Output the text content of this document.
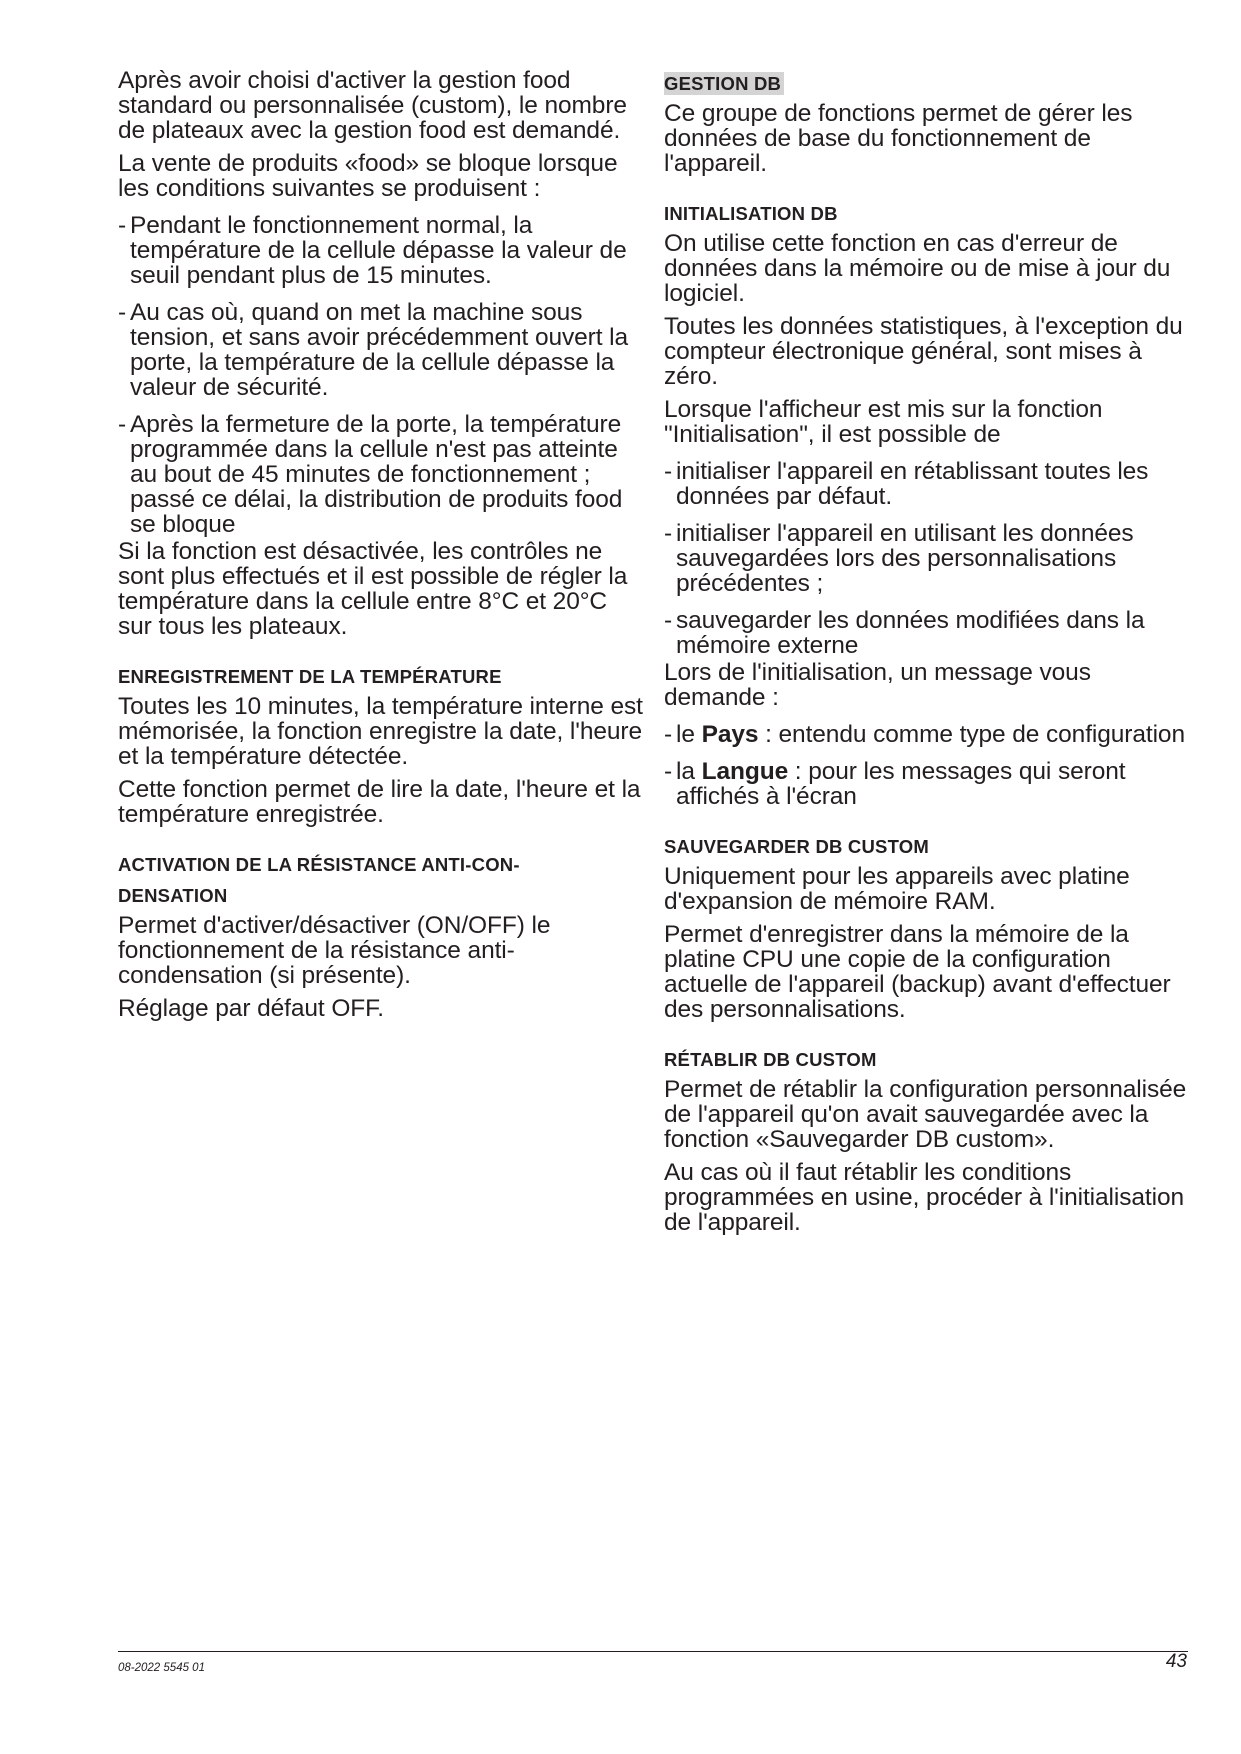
Après avoir choisi d'activer la gestion food standard ou personnalisée (custom), le nombre de plateaux avec la gestion food est demandé.

La vente de produits «food» se bloque lorsque les conditions suivantes se produisent :

- Pendant le fonctionnement normal, la température de la cellule dépasse la valeur de seuil pendant plus de 15 minutes.
- Au cas où, quand on met la machine sous tension, et sans avoir précédemment ouvert la porte, la température de la cellule dépasse la valeur de sécurité.
- Après la fermeture de la porte, la température programmée dans la cellule n'est pas atteinte au bout de 45 minutes de fonctionnement ; passé ce délai, la distribution de produits food se bloque

Si la fonction est désactivée, les contrôles ne sont plus effectués et il est possible de régler la température dans la cellule entre 8°C et 20°C sur tous les plateaux.

ENREGISTREMENT DE LA TEMPÉRATURE

Toutes les 10 minutes, la température interne est mémorisée, la fonction enregistre la date, l'heure et la température détectée.

Cette fonction permet de lire la date, l'heure et la température enregistrée.

ACTIVATION DE LA RÉSISTANCE ANTI-CON-
DENSATION

Permet d'activer/désactiver (ON/OFF) le fonctionnement de la résistance anti-condensation (si présente).

Réglage par défaut OFF.

GESTION DB

Ce groupe de fonctions permet de gérer les données de base du fonctionnement de l'appareil.

INITIALISATION DB

On utilise cette fonction en cas d'erreur de données dans la mémoire ou de mise à jour du logiciel.

Toutes les données statistiques, à l'exception du compteur électronique général, sont mises à zéro.

Lorsque l'afficheur est mis sur la fonction "Initialisation", il est possible de

- initialiser l'appareil en rétablissant toutes les données par défaut.
- initialiser l'appareil en utilisant les données sauvegardées lors des personnalisations précédentes ;
- sauvegarder les données modifiées dans la mémoire externe

Lors de l'initialisation, un message vous demande :

- le Pays : entendu comme type de configuration
- la Langue : pour les messages qui seront affichés à l'écran
SAUVEGARDER DB CUSTOM

Uniquement pour les appareils avec platine d'expansion de mémoire RAM.

Permet d'enregistrer dans la mémoire de la platine CPU une copie de la configuration actuelle de l'appareil (backup) avant d'effectuer des personnalisations.

RÉTABLIR DB CUSTOM

Permet de rétablir la configuration personnalisée de l'appareil qu'on avait sauvegardée avec la fonction «Sauvegarder DB custom».

Au cas où il faut rétablir les conditions programmées en usine, procéder à l'initialisation de l'appareil.

08-2022 5545 01	43
